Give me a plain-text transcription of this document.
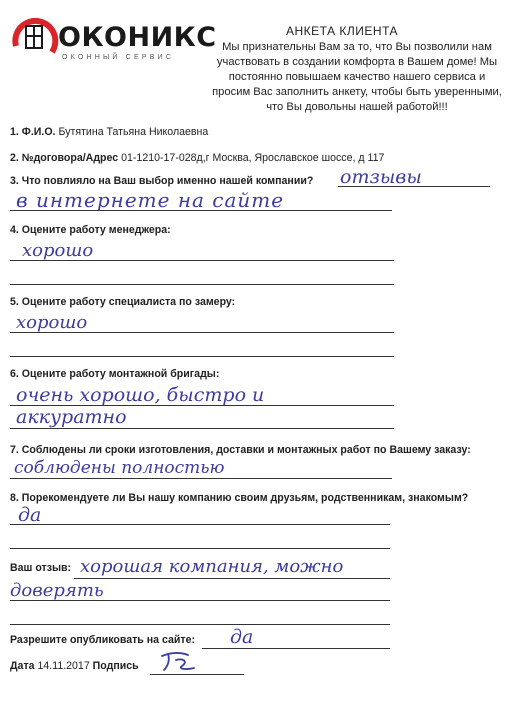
ОКОНИКС
ОКОННЫЙ СЕРВИС
АНКЕТА КЛИЕНТА
Мы признательны Вам за то, что Вы позволили нам участвовать в создании комфорта в Вашем доме! Мы постоянно повышаем качество нашего сервиса и просим Вас заполнить анкету, чтобы быть уверенными, что Вы довольны нашей работой!!!
1. Ф.И.О. Бутятина Татьяна Николаевна
2. №договора/Адрес 01-1210-17-028д,г Москва, Ярославское шоссе, д 117
3. Что повлияло на Ваш выбор именно нашей компании? отзывы
в интернете на сайте
4. Оцените работу менеджера:
хорошо
5. Оцените работу специалиста по замеру:
хорошо
6. Оцените работу монтажной бригады:
очень хорошо, быстро и
аккуратно
7. Соблюдены ли сроки изготовления, доставки и монтажных работ по Вашему заказу:
соблюдены полностью
8. Порекомендуете ли Вы нашу компанию своим друзьям, родственникам, знакомым?
да
Ваш отзыв: хорошая компания, можно
доверять
Разрешите опубликовать на сайте: да
Дата 14.11.2017 Подпись
